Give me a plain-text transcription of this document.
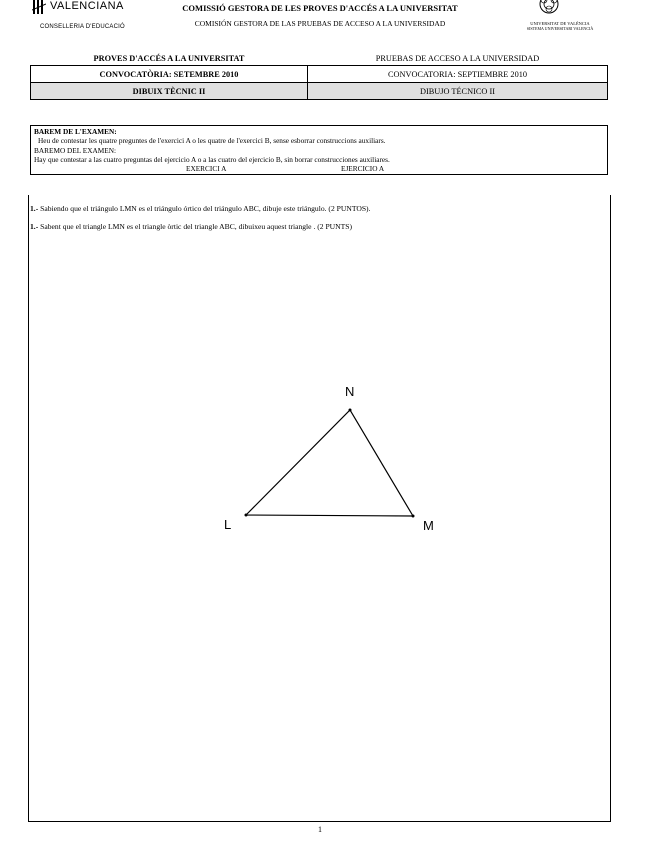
VALENCIANA
CONSELLERIA D'EDUCACIÓ
COMISSIÓ GESTORA DE LES PROVES D'ACCÉS A LA UNIVERSITAT
COMISIÓN GESTORA DE LAS PRUEBAS DE ACCESO A LA UNIVERSIDAD	UNIVERSITAT DE VALÈNCIA
SISTEMA UNIVERSITARI VALENCIÀ
PROVES D'ACCÉS A LA UNIVERSITAT	PRUEBAS DE ACCESO A LA UNIVERSIDAD
CONVOCATÒRIA: SETEMBRE 2010	CONVOCATORIA: SEPTIEMBRE 2010
DIBUIX TÈCNIC II	DIBUJO TÉCNICO II
BAREM DE L'EXAMEN:
Heu de contestar les quatre preguntes de l'exercici A o les quatre de l'exercici B, sense esborrar construccions auxiliars.
BAREMO DEL EXAMEN:
Hay que contestar a las cuatro preguntas del ejercicio A o a las cuatro del ejercicio B, sin borrar construcciones auxiliares.
EXERCICI A	EJERCICIO A
1.- Sabiendo que el triángulo LMN es el triángulo órtico del triángulo ABC, dibuje este triángulo. (2 PUNTOS).
1.- Sabent que el triangle LMN es el triangle òrtic del triangle ABC, dibuixeu aquest triangle . (2 PUNTS)
N
L	M
1
